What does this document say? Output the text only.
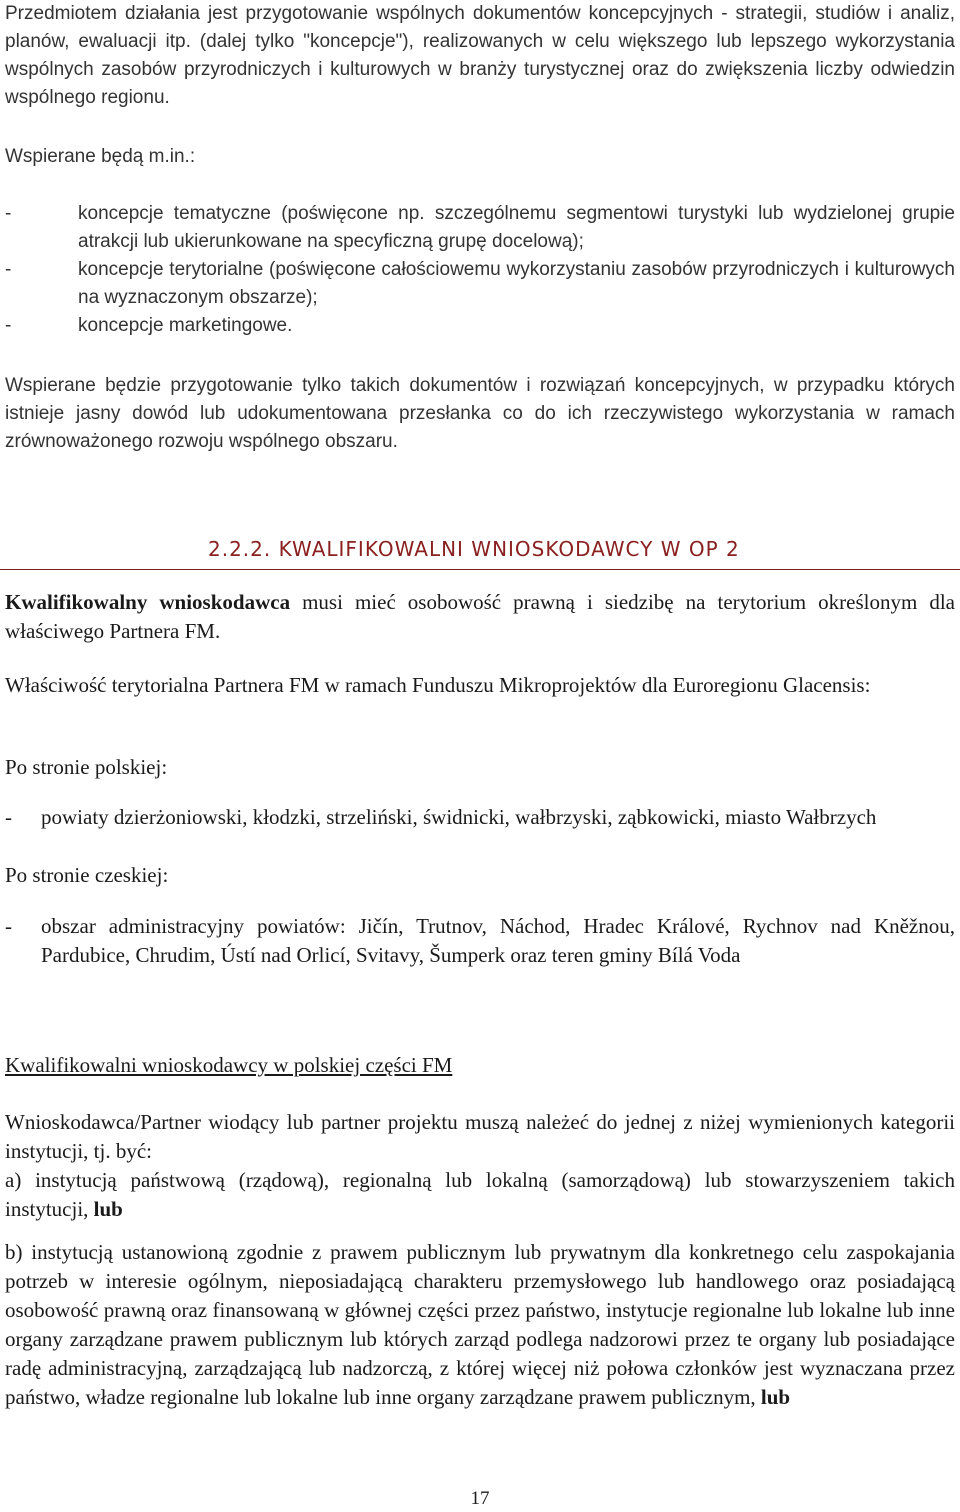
Przedmiotem działania jest przygotowanie wspólnych dokumentów koncepcyjnych - strategii, studiów i analiz, planów, ewaluacji itp. (dalej tylko "koncepcje"), realizowanych w celu większego lub lepszego wykorzystania wspólnych zasobów przyrodniczych i kulturowych w branży turystycznej oraz do zwiększenia liczby odwiedzin wspólnego regionu.

Wspierane będą m.in.:

-	koncepcje tematyczne (poświęcone np. szczególnemu segmentowi turystyki lub wydzielonej grupie atrakcji lub ukierunkowane na specyficzną grupę docelową);
-	koncepcje terytorialne (poświęcone całościowemu wykorzystaniu zasobów przyrodniczych i kulturowych na wyznaczonym obszarze);
-	koncepcje marketingowe.

Wspierane będzie przygotowanie tylko takich dokumentów i rozwiązań koncepcyjnych, w przypadku których istnieje jasny dowód lub udokumentowana przesłanka co do ich rzeczywistego wykorzystania w ramach zrównoważonego rozwoju wspólnego obszaru.

2.2.2. KWALIFIKOWALNI WNIOSKODAWCY W OP 2

Kwalifikowalny wnioskodawca musi mieć osobowość prawną i siedzibę na terytorium określonym dla właściwego Partnera FM.

Właściwość terytorialna Partnera FM w ramach Funduszu Mikroprojektów dla Euroregionu Glacensis:

Po stronie polskiej:

- powiaty dzierżoniowski, kłodzki, strzeliński, świdnicki, wałbrzyski, ząbkowicki, miasto Wałbrzych

Po stronie czeskiej:

- obszar administracyjny powiatów: Jičín, Trutnov, Náchod, Hradec Králové, Rychnov nad Kněžnou, Pardubice, Chrudim, Ústí nad Orlicí, Svitavy, Šumperk oraz teren gminy Bílá Voda

Kwalifikowalni wnioskodawcy w polskiej części FM

Wnioskodawca/Partner wiodący lub partner projektu muszą należeć do jednej z niżej wymienionych kategorii instytucji, tj. być:

a) instytucją państwową (rządową), regionalną lub lokalną (samorządową) lub stowarzyszeniem takich instytucji, lub

b) instytucją ustanowioną zgodnie z prawem publicznym lub prywatnym dla konkretnego celu zaspokajania potrzeb w interesie ogólnym, nieposiadającą charakteru przemysłowego lub handlowego oraz posiadającą osobowość prawną oraz finansowaną w głównej części przez państwo, instytucje regionalne lub lokalne lub inne organy zarządzane prawem publicznym lub których zarząd podlega nadzorowi przez te organy lub posiadające radę administracyjną, zarządzającą lub nadzorczą, z której więcej niż połowa członków jest wyznaczana przez państwo, władze regionalne lub lokalne lub inne organy zarządzane prawem publicznym, lub

17
